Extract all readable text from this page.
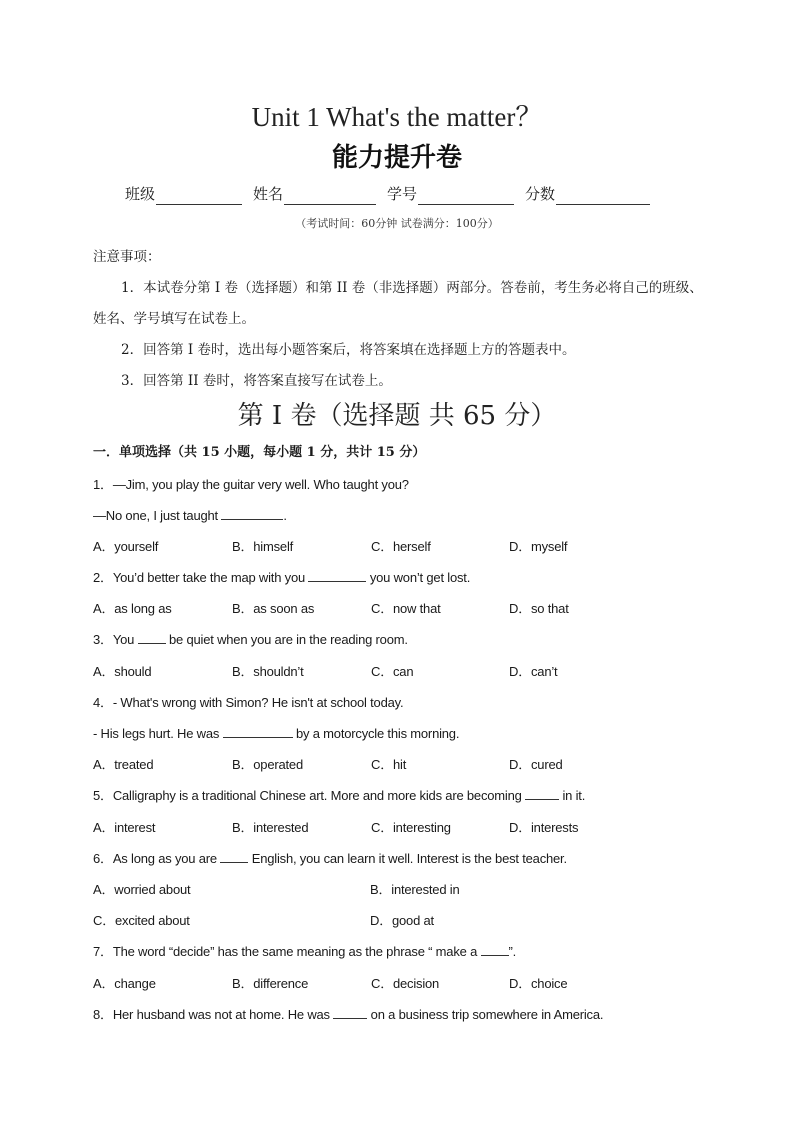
Unit 1 What's the matter？
能力提升卷
班级	姓名	学号	分数
（考试时间：60分钟 试卷满分：100分）
注意事项：
1．本试卷分第 I 卷（选择题）和第 II 卷（非选择题）两部分。答卷前，考生务必将自己的班级、
姓名、学号填写在试卷上。
2．回答第 I 卷时，选出每小题答案后，将答案填在选择题上方的答题表中。
3．回答第 II 卷时，将答案直接写在试卷上。
第 I 卷（选择题 共 65 分）
一．单项选择（共 15 小题，每小题 1 分，共计 15 分）
1．—Jim, you play the guitar very well. Who taught you?
—No one, I just taught	.
A．yourself	B．himself	C．herself	D．myself
2．You’d better take the map with you	you won’t get lost.
A．as long as	B．as soon as	C．now that	D．so that
3．You  be quiet when you are in the reading room.
A．should	B．shouldn’t	C．can	D．can’t
4．- What's wrong with Simon? He isn't at school today.
- His legs hurt. He was	by a motorcycle this morning.
A．treated	B．operated	C．hit	D．cured
5．Calligraphy is a traditional Chinese art. More and more kids are becoming	in it.
A．interest	B．interested	C．interesting	D．interests
6．As long as you are  English, you can learn it well. Interest is the best teacher.
A．worried about	B．interested in
C．excited about	D．good at
7．The word “decide” has the same meaning as the phrase “ make a ”.
A．change	B．difference	C．decision	D．choice
8．Her husband was not at home. He was	on a business trip somewhere in America.
